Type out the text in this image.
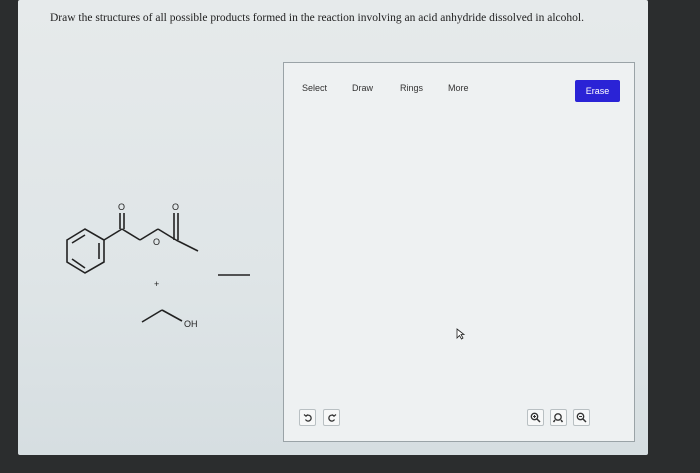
Draw the structures of all possible products formed in the reaction involving an acid anhydride dissolved in alcohol.
O	O
O
+
OH
Select	Draw	Rings	More	Erase
